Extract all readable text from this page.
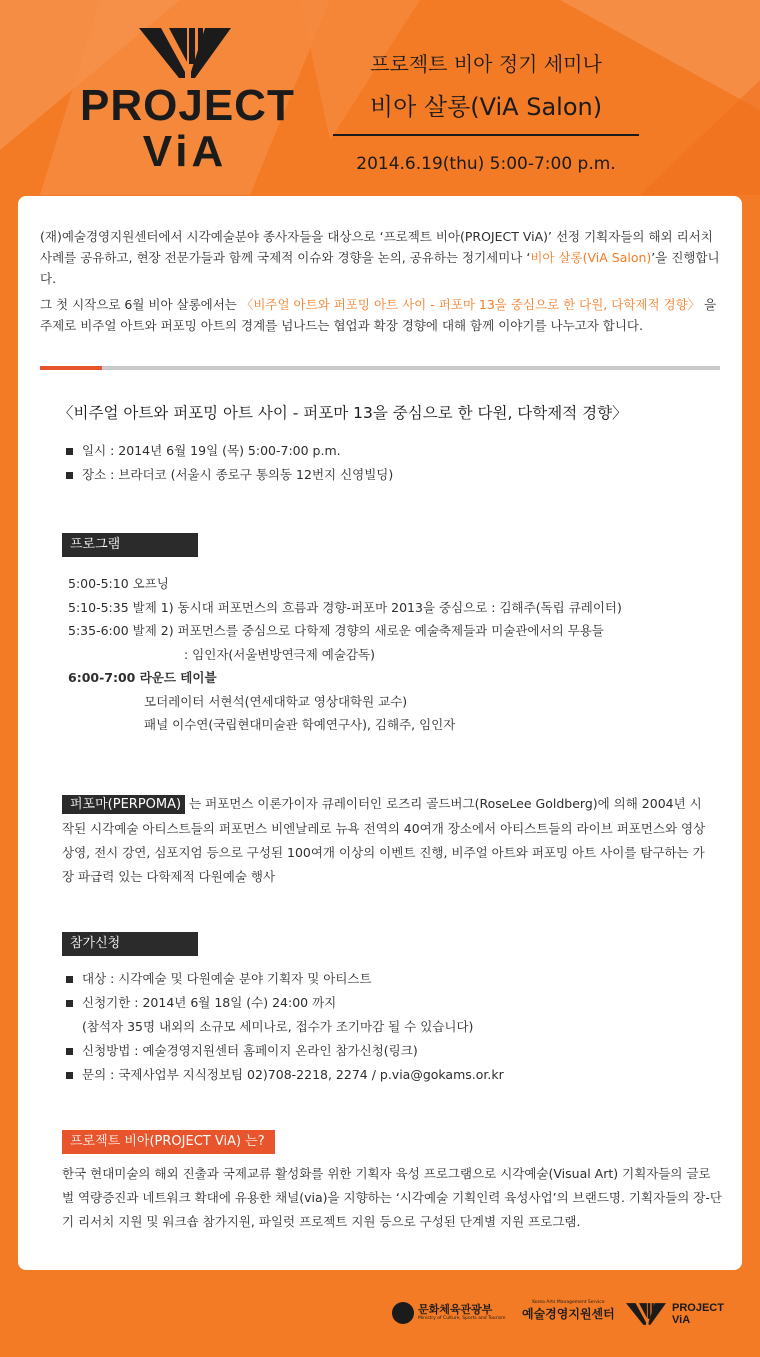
PROJECT
ViA
프로젝트 비아 정기 세미나
비아 살롱(ViA Salon)
2014.6.19(thu) 5:00-7:00 p.m.

(재)예술경영지원센터에서 시각예술분야 종사자들을 대상으로 ‘프로젝트 비아(PROJECT ViA)’ 선정 기획자들의 해외 리서치 사례를 공유하고, 현장 전문가들과 함께 국제적 이슈와 경향을 논의, 공유하는 정기세미나 ‘비아 살롱(ViA Salon)’을 진행합니다.

그 첫 시작으로 6월 비아 살롱에서는 〈비주얼 아트와 퍼포밍 아트 사이 - 퍼포마 13을 중심으로 한 다원, 다학제적 경향〉 을 주제로 비주얼 아트와 퍼포밍 아트의 경계를 넘나드는 협업과 확장 경향에 대해 함께 이야기를 나누고자 합니다.

〈비주얼 아트와 퍼포밍 아트 사이 - 퍼포마 13을 중심으로 한 다원, 다학제적 경향〉
일시 : 2014년 6월 19일 (목) 5:00-7:00 p.m.
장소 : 브라더코 (서울시 종로구 통의동 12번지 신영빌딩)
프로그램
5:00-5:10 오프닝
5:10-5:35 발제 1) 동시대 퍼포먼스의 흐름과 경향-퍼포마 2013을 중심으로 : 김해주(독립 큐레이터)
5:35-6:00 발제 2) 퍼포먼스를 중심으로 다학제 경향의 새로운 예술축제들과 미술관에서의 무용들
: 임인자(서울변방연극제 예술감독)
6:00-7:00 라운드 테이블
모더레이터 서현석(연세대학교 영상대학원 교수)
패널 이수연(국립현대미술관 학예연구사), 김해주, 임인자
퍼포마(PERPOMA) 는 퍼포먼스 이론가이자 큐레이터인 로즈리 골드버그(RoseLee Goldberg)에 의해 2004년 시작된 시각예술 아티스트들의 퍼포먼스 비엔날레로 뉴욕 전역의 40여개 장소에서 아티스트들의 라이브 퍼포먼스와 영상상영, 전시 강연, 심포지엄 등으로 구성된 100여개 이상의 이벤트 진행, 비주얼 아트와 퍼포밍 아트 사이를 탐구하는 가장 파급력 있는 다학제적 다원예술 행사
참가신청
대상 : 시각예술 및 다원예술 분야 기획자 및 아티스트
신청기한 : 2014년 6월 18일 (수) 24:00 까지
(참석자 35명 내외의 소규모 세미나로, 접수가 조기마감 될 수 있습니다)
신청방법 : 예술경영지원센터 홈페이지 온라인 참가신청(링크)
문의 : 국제사업부 지식정보팀 02)708-2218, 2274 / p.via@gokams.or.kr
프로젝트 비아(PROJECT ViA) 는?
한국 현대미술의 해외 진출과 국제교류 활성화를 위한 기획자 육성 프로그램으로 시각예술(Visual Art) 기획자들의 글로벌 역량증진과 네트워크 확대에 유용한 채널(via)을 지향하는 ‘시각예술 기획인력 육성사업’의 브랜드명. 기획자들의 장-단기 리서치 지원 및 워크숍 참가지원, 파일럿 프로젝트 지원 등으로 구성된 단계별 지원 프로그램.
문화체육관광부
Ministry of Culture, Sports and Tourism
Korea Arts Management Service
예술경영지원센터	PROJECT
ViA
